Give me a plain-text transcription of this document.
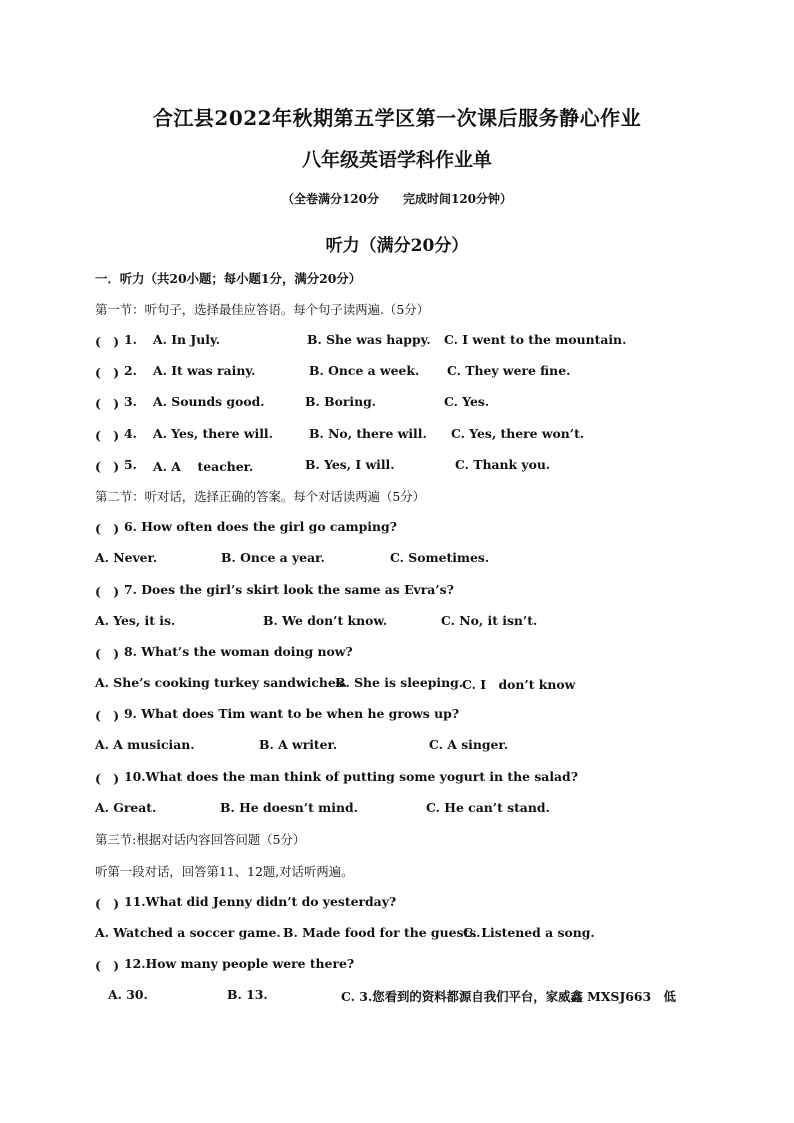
合江县2022年秋期第五学区第一次课后服务静心作业
八年级英语学科作业单
（全卷满分120分　　完成时间120分钟）
听力（满分20分）
一．听力（共20小题；每小题1分，满分20分）
第一节：听句子，选择最佳应答语。每个句子读两遍.（5分）
(　) 1. A. In July.	B. She was happy. C. I went to the mountain.
(　) 2. A. It was rainy.	B. Once a week. C. They were fine.
(　) 3. A. Sounds good.	B. Boring.	C. Yes.
(　) 4. A. Yes, there will.	B. No, there will. C. Yes, there won’t.
(　) 5. A. A　 teacher.	B. Yes, I will.	C. Thank you.
第二节：听对话，选择正确的答案。每个对话读两遍（5分）
(　) 6. How often does the girl go camping?
A. Never.	B. Once a year.	C. Sometimes.
(　) 7. Does the girl’s skirt look the same as Evra’s?
A. Yes, it is.	B. We don’t know.	C. No, it isn’t.
(　) 8. What’s the woman doing now?
A. She’s cooking turkey sandwiches.
B. She is sleeping.
C. I　don’t know
(　) 9. What does Tim want to be when he grows up?
A. A musician.	B. A writer.	C. A singer.
(　) 10.What does the man think of putting some yogurt in the salad?
A. Great.	B. He doesn’t mind.	C. He can’t stand.
第三节:根据对话内容回答问题（5分）
听第一段对话，回答第11、12题,对话听两遍。
(　) 11.What did Jenny didn’t do yesterday?
A. Watched a soccer game. B. Made food for the guests.
C. Listened a song.
(　) 12.How many people were there?
A. 30.	B. 13.	C. 3.您看到的资料都源自我们平台，家威鑫 MXSJ663　低
